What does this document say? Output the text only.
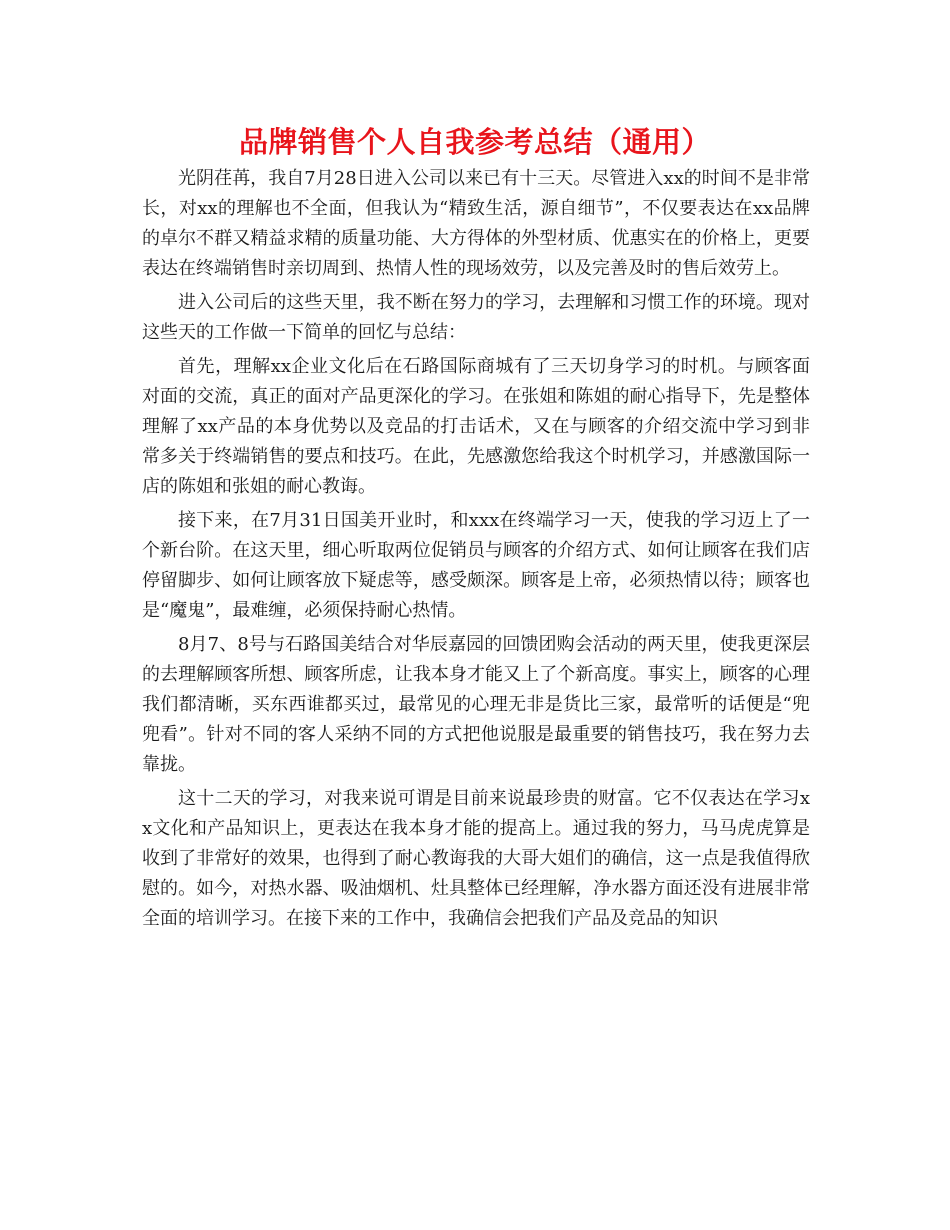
品牌销售个人自我参考总结（通用）

光阴荏苒，我自7月28日进入公司以来已有十三天。尽管进入xx的时间不是非常长，对xx的理解也不全面，但我认为“精致生活，源自细节”，不仅要表达在xx品牌的卓尔不群又精益求精的质量功能、大方得体的外型材质、优惠实在的价格上，更要表达在终端销售时亲切周到、热情人性的现场效劳，以及完善及时的售后效劳上。

进入公司后的这些天里，我不断在努力的学习，去理解和习惯工作的环境。现对这些天的工作做一下简单的回忆与总结：

首先，理解xx企业文化后在石路国际商城有了三天切身学习的时机。与顾客面对面的交流，真正的面对产品更深化的学习。在张姐和陈姐的耐心指导下，先是整体理解了xx产品的本身优势以及竞品的打击话术，又在与顾客的介绍交流中学习到非常多关于终端销售的要点和技巧。在此，先感激您给我这个时机学习，并感激国际一店的陈姐和张姐的耐心教诲。

接下来，在7月31日国美开业时，和xxx在终端学习一天，使我的学习迈上了一个新台阶。在这天里，细心听取两位促销员与顾客的介绍方式、如何让顾客在我们店停留脚步、如何让顾客放下疑虑等，感受颇深。顾客是上帝，必须热情以待；顾客也是“魔鬼”，最难缠，必须保持耐心热情。

8月7、8号与石路国美结合对华辰嘉园的回馈团购会活动的两天里，使我更深层的去理解顾客所想、顾客所虑，让我本身才能又上了个新高度。事实上，顾客的心理我们都清晰，买东西谁都买过，最常见的心理无非是货比三家，最常听的话便是“兜兜看”。针对不同的客人采纳不同的方式把他说服是最重要的销售技巧，我在努力去靠拢。

这十二天的学习，对我来说可谓是目前来说最珍贵的财富。它不仅表达在学习xx文化和产品知识上，更表达在我本身才能的提高上。通过我的努力，马马虎虎算是收到了非常好的效果，也得到了耐心教诲我的大哥大姐们的确信，这一点是我值得欣慰的。如今，对热水器、吸油烟机、灶具整体已经理解，净水器方面还没有进展非常全面的培训学习。在接下来的工作中，我确信会把我们产品及竞品的知识
